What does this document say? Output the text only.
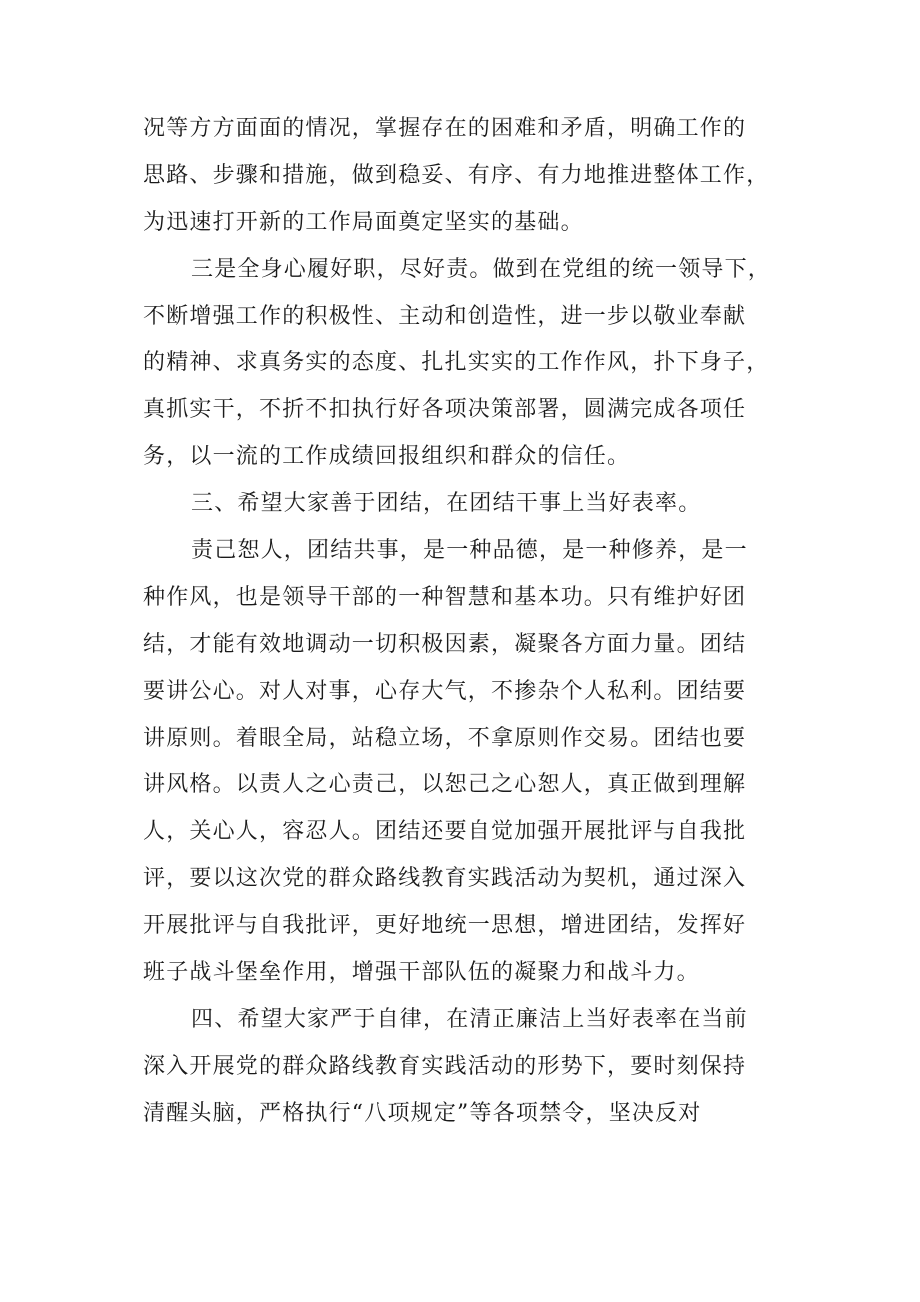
况等方方面面的情况，掌握存在的困难和矛盾，明确工作的
思路、步骤和措施，做到稳妥、有序、有力地推进整体工作，
为迅速打开新的工作局面奠定坚实的基础。
三是全身心履好职，尽好责。做到在党组的统一领导下，
不断增强工作的积极性、主动和创造性，进一步以敬业奉献
的精神、求真务实的态度、扎扎实实的工作作风，扑下身子，
真抓实干，不折不扣执行好各项决策部署，圆满完成各项任
务，以一流的工作成绩回报组织和群众的信任。
三、希望大家善于团结，在团结干事上当好表率。
责己恕人，团结共事，是一种品德，是一种修养，是一
种作风，也是领导干部的一种智慧和基本功。只有维护好团
结，才能有效地调动一切积极因素，凝聚各方面力量。团结
要讲公心。对人对事，心存大气，不掺杂个人私利。团结要
讲原则。着眼全局，站稳立场，不拿原则作交易。团结也要
讲风格。以责人之心责己，以恕己之心恕人，真正做到理解
人，关心人，容忍人。团结还要自觉加强开展批评与自我批
评，要以这次党的群众路线教育实践活动为契机，通过深入
开展批评与自我批评，更好地统一思想，增进团结，发挥好
班子战斗堡垒作用，增强干部队伍的凝聚力和战斗力。
四、希望大家严于自律，在清正廉洁上当好表率在当前
深入开展党的群众路线教育实践活动的形势下，要时刻保持
清醒头脑，严格执行“八项规定”等各项禁令，坚决反对
